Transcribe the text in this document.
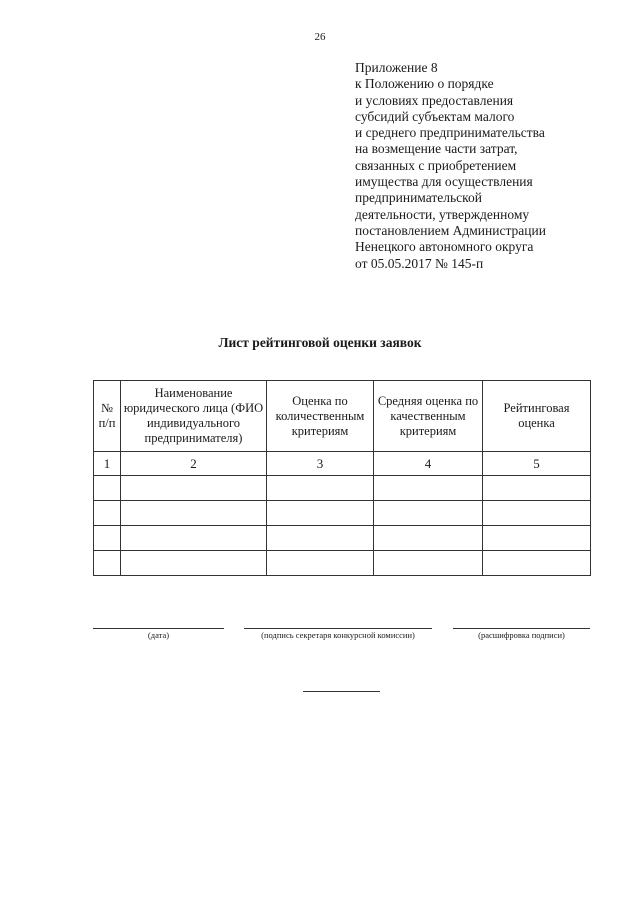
26
Приложение 8
к Положению о порядке
и условиях предоставления
субсидий субъектам малого
и среднего предпринимательства
на возмещение части затрат,
связанных с приобретением
имущества для осуществления
предпринимательской
деятельности, утвержденному
постановлением Администрации
Ненецкого автономного округа
от 05.05.2017 № 145-п
Лист рейтинговой оценки заявок
№ п/п	Наименование юридического лица (ФИО индивидуального предпринимателя)	Оценка по количественным критериям	Средняя оценка по качественным критериям	Рейтинговая оценка
1	2	3	4	5

(дата)	(подпись секретаря конкурсной комиссии)	(расшифровка подписи)
